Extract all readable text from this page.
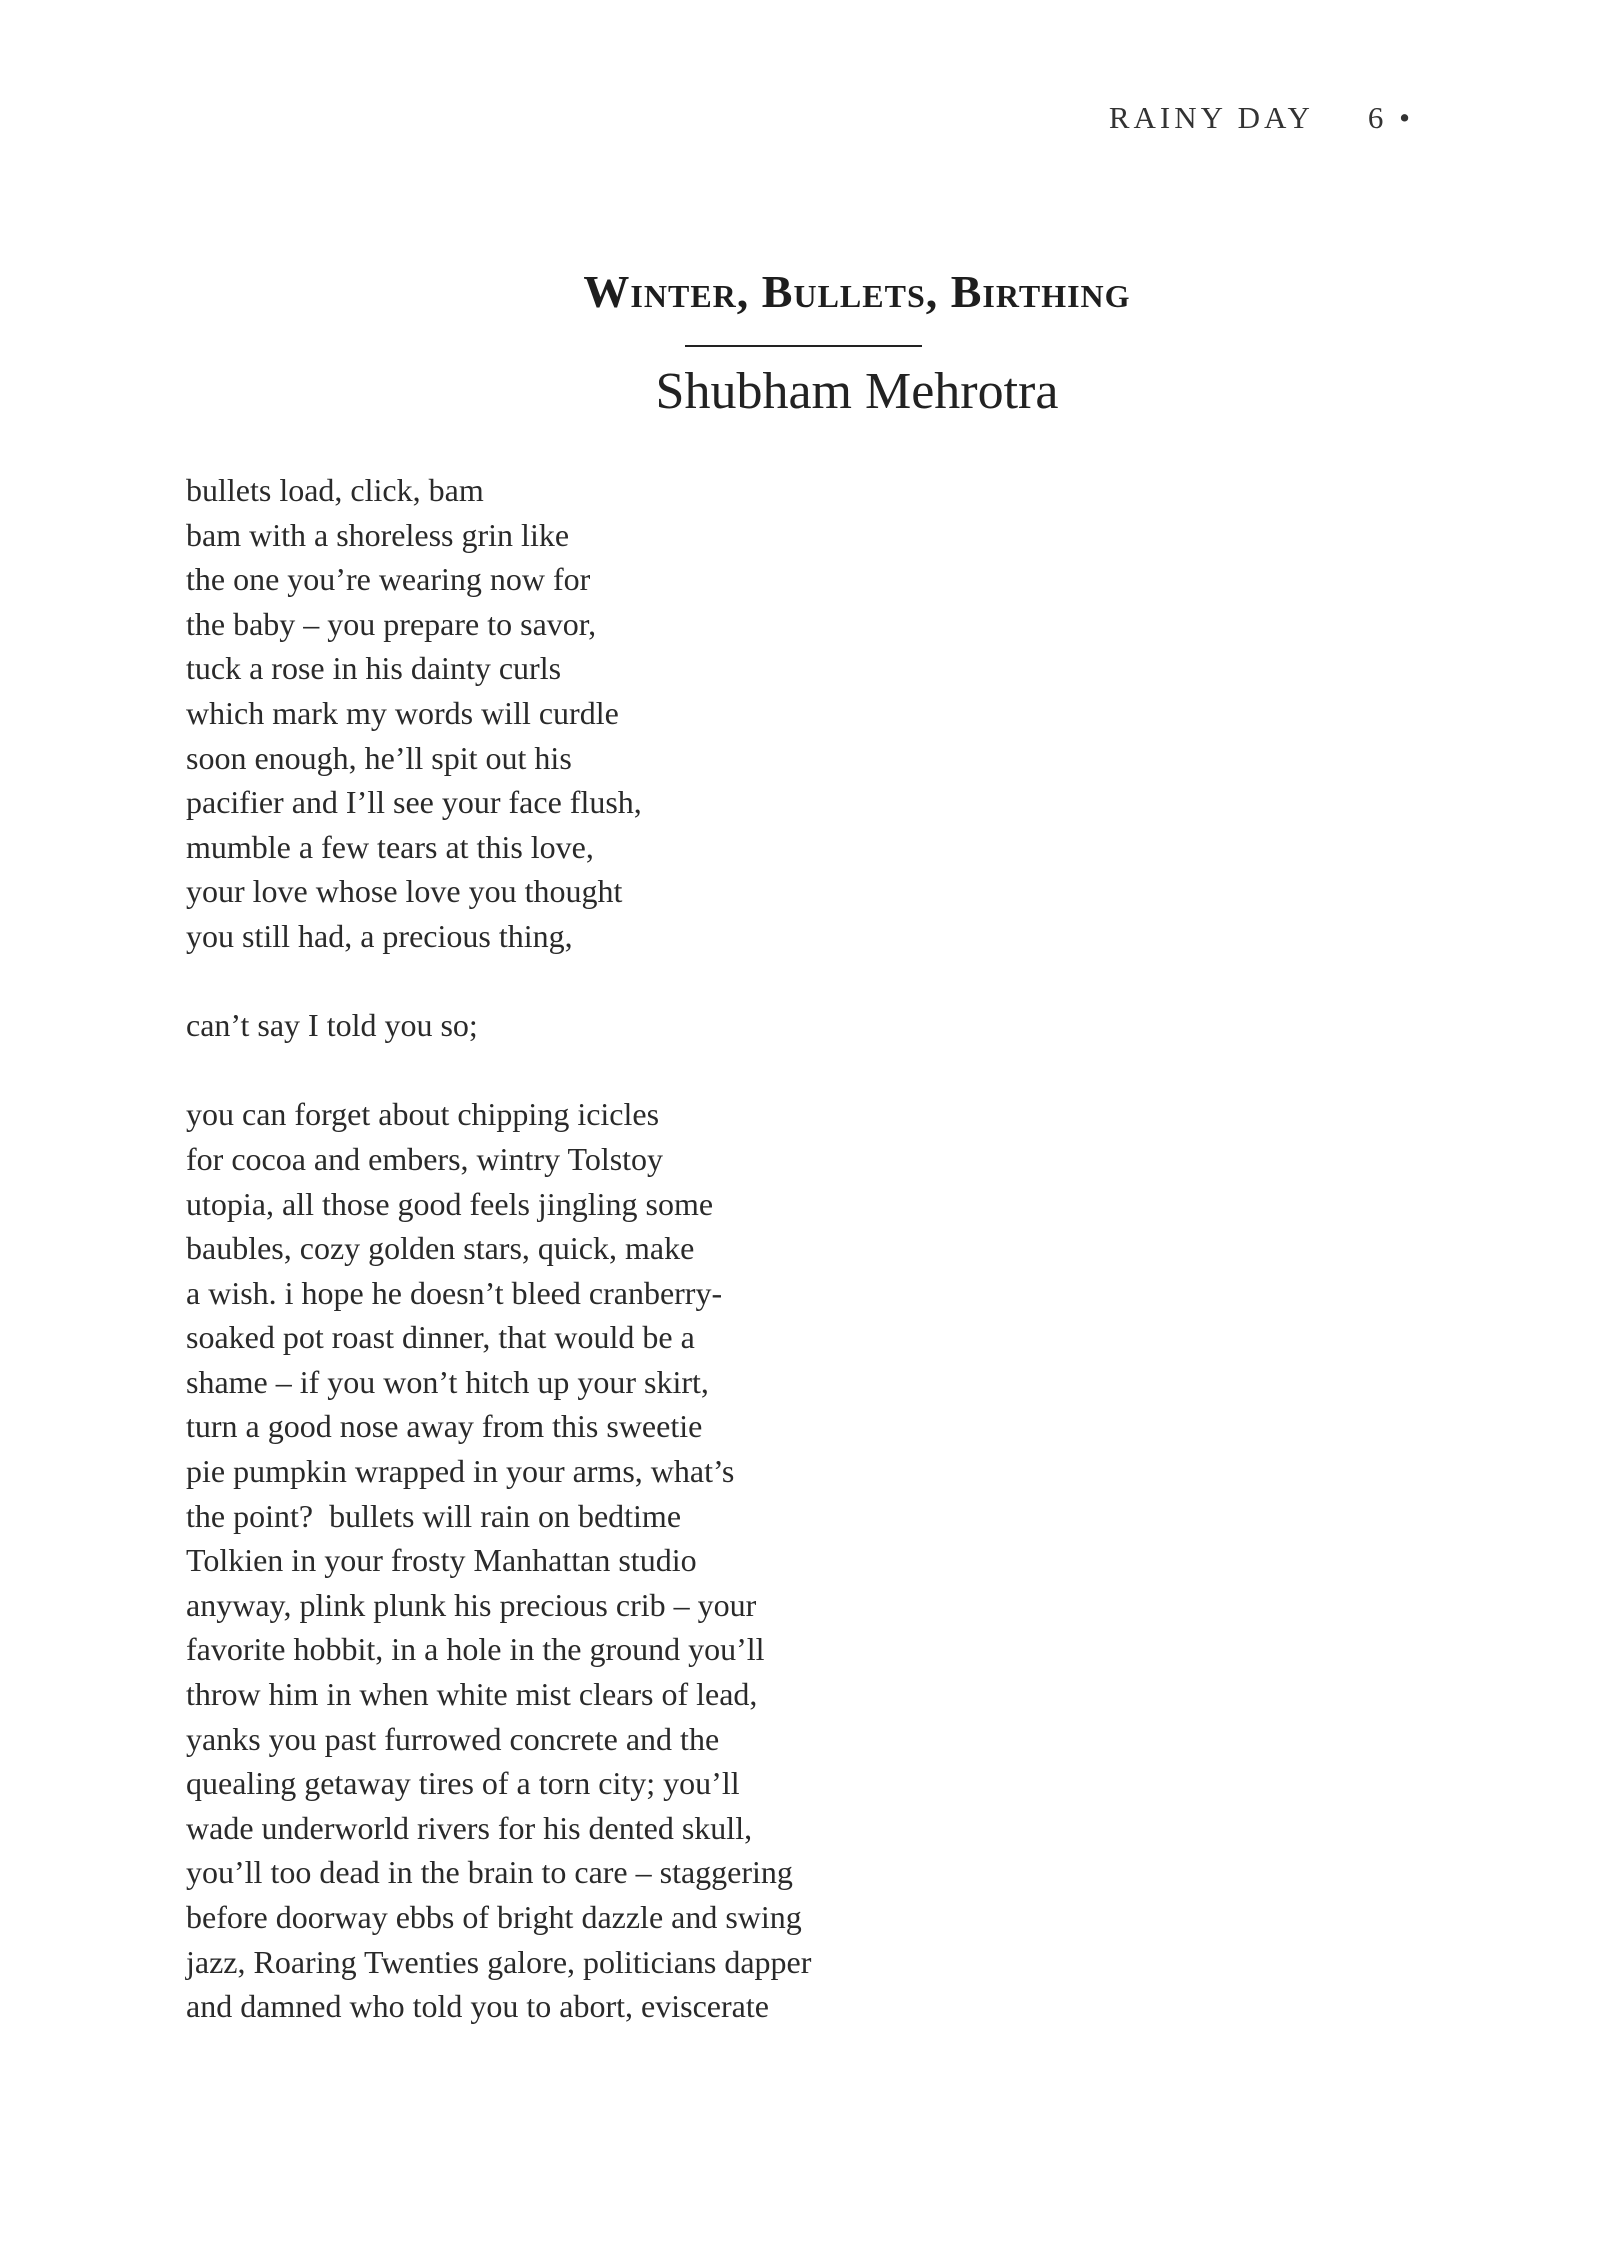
RAINY DAY 6 •
Winter, Bullets, Birthing
Shubham Mehrotra
bullets load, click, bam
bam with a shoreless grin like
the one you’re wearing now for
the baby – you prepare to savor,
tuck a rose in his dainty curls
which mark my words will curdle
soon enough, he’ll spit out his
pacifier and I’ll see your face flush,
mumble a few tears at this love,
your love whose love you thought
you still had, a precious thing,
can’t say I told you so;
you can forget about chipping icicles
for cocoa and embers, wintry Tolstoy
utopia, all those good feels jingling some
baubles, cozy golden stars, quick, make
a wish. i hope he doesn’t bleed cranberry-
soaked pot roast dinner, that would be a
shame – if you won’t hitch up your skirt,
turn a good nose away from this sweetie
pie pumpkin wrapped in your arms, what’s
the point?  bullets will rain on bedtime
Tolkien in your frosty Manhattan studio
anyway, plink plunk his precious crib – your
favorite hobbit, in a hole in the ground you’ll
throw him in when white mist clears of lead,
yanks you past furrowed concrete and the
quealing getaway tires of a torn city; you’ll
wade underworld rivers for his dented skull,
you’ll too dead in the brain to care – staggering
before doorway ebbs of bright dazzle and swing
jazz, Roaring Twenties galore, politicians dapper
and damned who told you to abort, eviscerate
